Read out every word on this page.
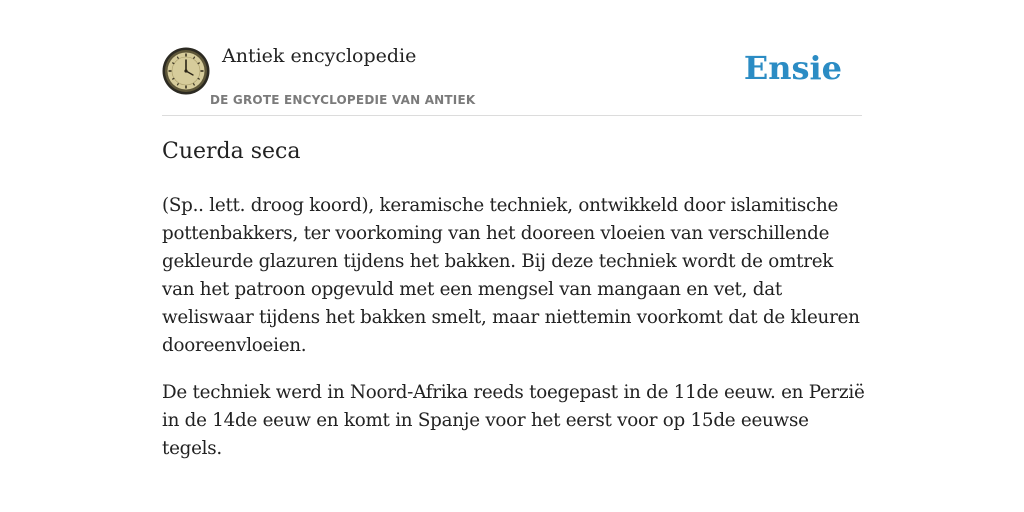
Antiek encyclopedie
DE GROTE ENCYCLOPEDIE VAN ANTIEK
Ensie
Cuerda seca

(Sp.. lett. droog koord), keramische techniek, ontwikkeld door islamitische pottenbakkers, ter voorkoming van het dooreen vloeien van verschillende gekleurde glazuren tijdens het bakken. Bij deze techniek wordt de omtrek van het patroon opgevuld met een mengsel van mangaan en vet, dat weliswaar tijdens het bakken smelt, maar niettemin voorkomt dat de kleuren dooreenvloeien.

De techniek werd in Noord-Afrika reeds toegepast in de 11de eeuw. en Perzië in de 14de eeuw en komt in Spanje voor het eerst voor op 15de eeuwse tegels.
